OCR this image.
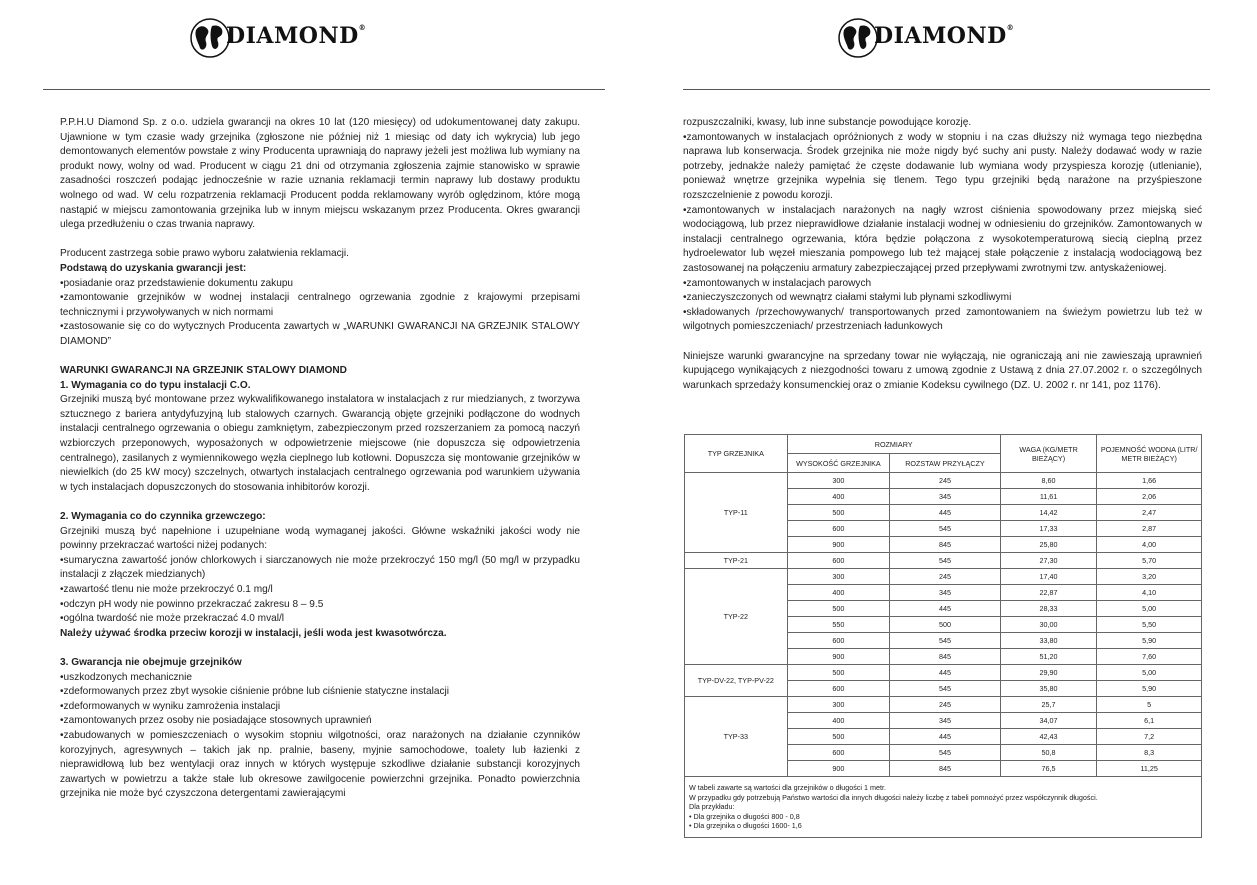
DIAMOND®

P.P.H.U Diamond Sp. z o.o. udziela gwarancji na okres 10 lat (120 miesięcy) od udokumentowanej daty zakupu. Ujawnione w tym czasie wady grzejnika (zgłoszone nie później niż 1 miesiąc od daty ich wykrycia) lub jego demontowanych elementów powstałe z winy Producenta uprawniają do naprawy jeżeli jest możliwa lub wymiany na produkt nowy, wolny od wad. Producent w ciągu 21 dni od otrzymania zgłoszenia zajmie stanowisko w sprawie zasadności roszczeń podając jednocześnie w razie uznania reklamacji termin naprawy lub dostawy produktu wolnego od wad. W celu rozpatrzenia reklamacji Producent podda reklamowany wyrób oględzinom, które mogą nastąpić w miejscu zamontowania grzejnika lub w innym miejscu wskazanym przez Producenta. Okres gwarancji ulega przedłużeniu o czas trwania naprawy.

Producent zastrzega sobie prawo wyboru załatwienia reklamacji.

Podstawą do uzyskania gwarancji jest:

• posiadanie oraz przedstawienie dokumentu zakupu

• zamontowanie grzejników w wodnej instalacji centralnego ogrzewania zgodnie z krajowymi przepisami technicznymi i przywoływanych w nich normami

• zastosowanie się co do wytycznych Producenta zawartych w „WARUNKI GWARANCJI NA GRZEJNIK STALOWY DIAMOND”

WARUNKI GWARANCJI NA GRZEJNIK STALOWY DIAMOND

1. Wymagania co do typu instalacji C.O.

Grzejniki muszą być montowane przez wykwalifikowanego instalatora w instalacjach z rur miedzianych, z tworzywa sztucznego z bariera antydyfuzyjną lub stalowych czarnych. Gwarancją objęte grzejniki podłączone do wodnych instalacji centralnego ogrzewania o obiegu zamkniętym, zabezpieczonym przed rozszerzaniem za pomocą naczyń wzbiorczych przeponowych, wyposażonych w odpowietrzenie miejscowe (nie dopuszcza się odpowietrzenia centralnego), zasilanych z wymiennikowego węzła cieplnego lub kotłowni. Dopuszcza się montowanie grzejników w niewielkich (do 25 kW mocy) szczelnych, otwartych instalacjach centralnego ogrzewania pod warunkiem używania w tych instalacjach dopuszczonych do stosowania inhibitorów korozji.

2. Wymagania co do czynnika grzewczego:

Grzejniki muszą być napełnione i uzupełniane wodą wymaganej jakości. Główne wskaźniki jakości wody nie powinny przekraczać wartości niżej podanych:

• sumaryczna zawartość jonów chlorkowych i siarczanowych nie może przekroczyć 150 mg/l (50 mg/l w przypadku instalacji z złączek miedzianych)

• zawartość tlenu nie może przekroczyć 0.1 mg/l

• odczyn pH wody nie powinno przekraczać zakresu 8 – 9.5

• ogólna twardość nie może przekraczać 4.0 mval/l

Należy używać środka przeciw korozji w instalacji, jeśli woda jest kwasotwórcza.

3. Gwarancja nie obejmuje grzejników

• uszkodzonych mechanicznie

• zdeformowanych przez zbyt wysokie ciśnienie próbne lub ciśnienie statyczne instalacji

• zdeformowanych w wyniku zamrożenia instalacji

• zamontowanych przez osoby nie posiadające stosownych uprawnień

• zabudowanych w pomieszczeniach o wysokim stopniu wilgotności, oraz narażonych na działanie czynników korozyjnych, agresywnych – takich jak np. pralnie, baseny, myjnie samochodowe, toalety lub łazienki z nieprawidłową lub bez wentylacji oraz innych w których występuje szkodliwe działanie substancji korozyjnych zawartych w powietrzu a także stałe lub okresowe zawilgocenie powierzchni grzejnika. Ponadto powierzchnia grzejnika nie może być czyszczona detergentami zawierającymi

DIAMOND®

rozpuszczalniki, kwasy, lub inne substancje powodujące korozję.

• zamontowanych w instalacjach opróżnionych z wody w stopniu i na czas dłuższy niż wymaga tego niezbędna naprawa lub konserwacja. Środek grzejnika nie może nigdy być suchy ani pusty. Należy dodawać wody w razie potrzeby, jednakże należy pamiętać że częste dodawanie lub wymiana wody przyspiesza korozję (utlenianie), ponieważ wnętrze grzejnika wypełnia się tlenem. Tego typu grzejniki będą narażone na przyśpieszone rozszczelnienie z powodu korozji.

• zamontowanych w instalacjach narażonych na nagły wzrost ciśnienia spowodowany przez miejską sieć wodociągową, lub przez nieprawidłowe działanie instalacji wodnej w odniesieniu do grzejników. Zamontowanych w instalacji centralnego ogrzewania, która będzie połączona z wysokotemperaturową siecią cieplną przez hydroelewator lub węzeł mieszania pompowego lub też mającej stałe połączenie z instalacją wodociągową bez zastosowanej na połączeniu armatury zabezpieczającej przed przepływami zwrotnymi tzw. antyskażeniowej.

• zamontowanych w instalacjach parowych

• zanieczyszczonych od wewnątrz ciałami stałymi lub płynami szkodliwymi

• składowanych /przechowywanych/ transportowanych przed zamontowaniem na świeżym powietrzu lub też w wilgotnych pomieszczeniach/ przestrzeniach ładunkowych

Niniejsze warunki gwarancyjne na sprzedany towar nie wyłączają, nie ograniczają ani nie zawieszają uprawnień kupującego wynikających z niezgodności towaru z umową zgodnie z Ustawą z dnia 27.07.2002 r. o szczególnych warunkach sprzedaży konsumenckiej oraz o zmianie Kodeksu cywilnego (DZ. U. 2002 r. nr 141, poz 1176).

TYP GRZEJNIKA	ROZMIARY		WAGA (KG/METR BIEŻĄCY)	POJEMNOŚĆ WODNA (LITR/ METR BIEŻĄCY)
	WYSOKOŚĆ GRZEJNIKA	ROZSTAW PRZYŁĄCZY		
TYP-11	300	245	8,60	1,66
	400	345	11,61	2,06
	500	445	14,42	2,47
	600	545	17,33	2,87
	900	845	25,80	4,00
TYP-21	600	545	27,30	5,70
TYP-22	300	245	17,40	3,20
	400	345	22,87	4,10
	500	445	28,33	5,00
	550	500	30,00	5,50
	600	545	33,80	5,90
	900	845	51,20	7,60
TYP-DV-22, TYP-PV-22	500	445	29,90	5,00
	600	545	35,80	5,90
TYP-33	300	245	25,7	5
	400	345	34,07	6,1
	500	445	42,43	7,2
	600	545	50,8	8,3
	900	845	76,5	11,25

W tabeli zawarte są wartości dla grzejników o długości 1 metr.
W przypadku gdy potrzebują Państwo wartości dla innych długości należy liczbę z tabeli pomnożyć przez współczynnik długości.
Dla przykładu:
• Dla grzejnika o długości 800 - 0,8
• Dla grzejnika o długości 1600- 1,6				
